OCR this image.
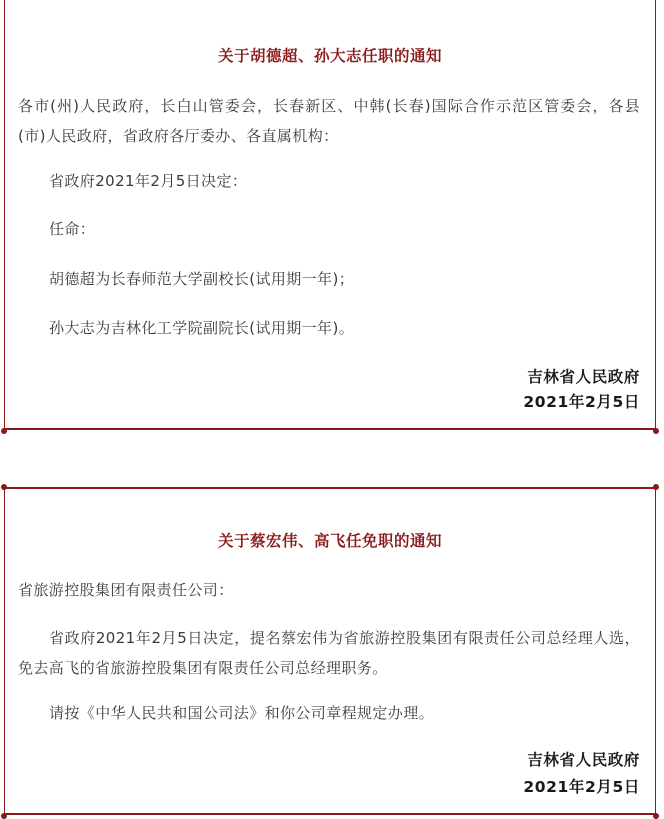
关于胡德超、孙大志任职的通知
各市(州)人民政府，长白山管委会，长春新区、中韩(长春)国际合作示范区管委会，各县(市)人民政府，省政府各厅委办、各直属机构：
省政府2021年2月5日决定：
任命：
胡德超为长春师范大学副校长(试用期一年)；
孙大志为吉林化工学院副院长(试用期一年)。
吉林省人民政府
2021年2月5日
关于蔡宏伟、高飞任免职的通知
省旅游控股集团有限责任公司：
省政府2021年2月5日决定，提名蔡宏伟为省旅游控股集团有限责任公司总经理人选，免去高飞的省旅游控股集团有限责任公司总经理职务。
请按《中华人民共和国公司法》和你公司章程规定办理。
吉林省人民政府
2021年2月5日
